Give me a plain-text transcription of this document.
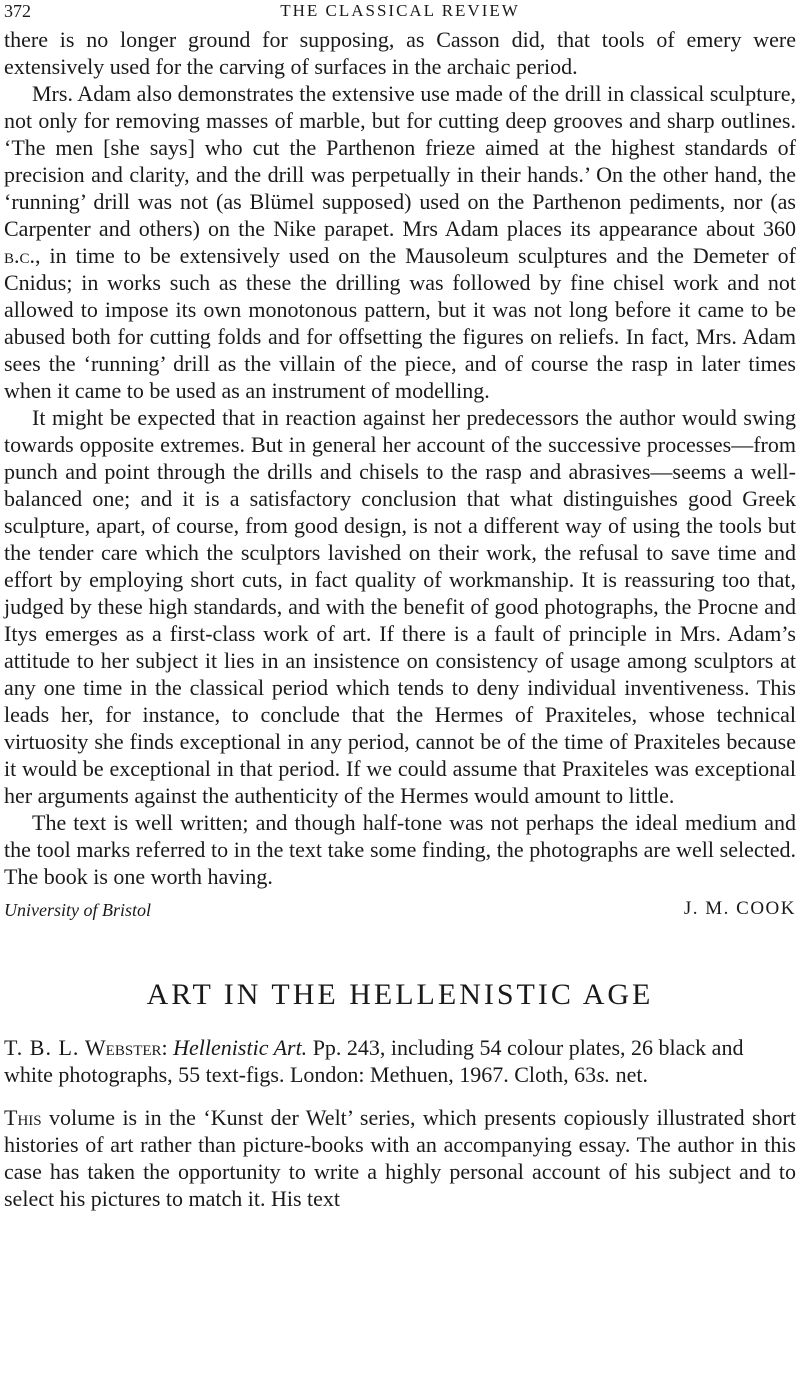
372	THE CLASSICAL REVIEW

there is no longer ground for supposing, as Casson did, that tools of emery were extensively used for the carving of surfaces in the archaic period.

Mrs. Adam also demonstrates the extensive use made of the drill in classical sculpture, not only for removing masses of marble, but for cutting deep grooves and sharp outlines. ‘The men [she says] who cut the Parthenon frieze aimed at the highest standards of precision and clarity, and the drill was perpetually in their hands.’ On the other hand, the ‘running’ drill was not (as Blümel supposed) used on the Parthenon pediments, nor (as Carpenter and others) on the Nike parapet. Mrs Adam places its appearance about 360 b.c., in time to be extensively used on the Mausoleum sculptures and the Demeter of Cnidus; in works such as these the drilling was followed by fine chisel work and not allowed to impose its own monotonous pattern, but it was not long before it came to be abused both for cutting folds and for offsetting the figures on reliefs. In fact, Mrs. Adam sees the ‘running’ drill as the villain of the piece, and of course the rasp in later times when it came to be used as an instrument of modelling.

It might be expected that in reaction against her predecessors the author would swing towards opposite extremes. But in general her account of the successive processes—from punch and point through the drills and chisels to the rasp and abrasives—seems a well-balanced one; and it is a satisfactory conclusion that what distinguishes good Greek sculpture, apart, of course, from good design, is not a different way of using the tools but the tender care which the sculptors lavished on their work, the refusal to save time and effort by employing short cuts, in fact quality of workmanship. It is reassuring too that, judged by these high standards, and with the benefit of good photographs, the Procne and Itys emerges as a first-class work of art. If there is a fault of principle in Mrs. Adam’s attitude to her subject it lies in an insistence on consistency of usage among sculptors at any one time in the classical period which tends to deny individual inventiveness. This leads her, for instance, to conclude that the Hermes of Praxiteles, whose technical virtuosity she finds exceptional in any period, cannot be of the time of Praxiteles because it would be exceptional in that period. If we could assume that Praxiteles was exceptional her arguments against the authenticity of the Hermes would amount to little.

The text is well written; and though half-tone was not perhaps the ideal medium and the tool marks referred to in the text take some finding, the photographs are well selected. The book is one worth having.

University of Bristol	J. M. COOK
ART IN THE HELLENISTIC AGE

T. B. L. Webster: Hellenistic Art. Pp. 243, including 54 colour plates, 26 black and white photographs, 55 text-figs. London: Methuen, 1967. Cloth, 63s. net.

This volume is in the ‘Kunst der Welt’ series, which presents copiously illustrated short histories of art rather than picture-books with an accompanying essay. The author in this case has taken the opportunity to write a highly personal account of his subject and to select his pictures to match it. His text
